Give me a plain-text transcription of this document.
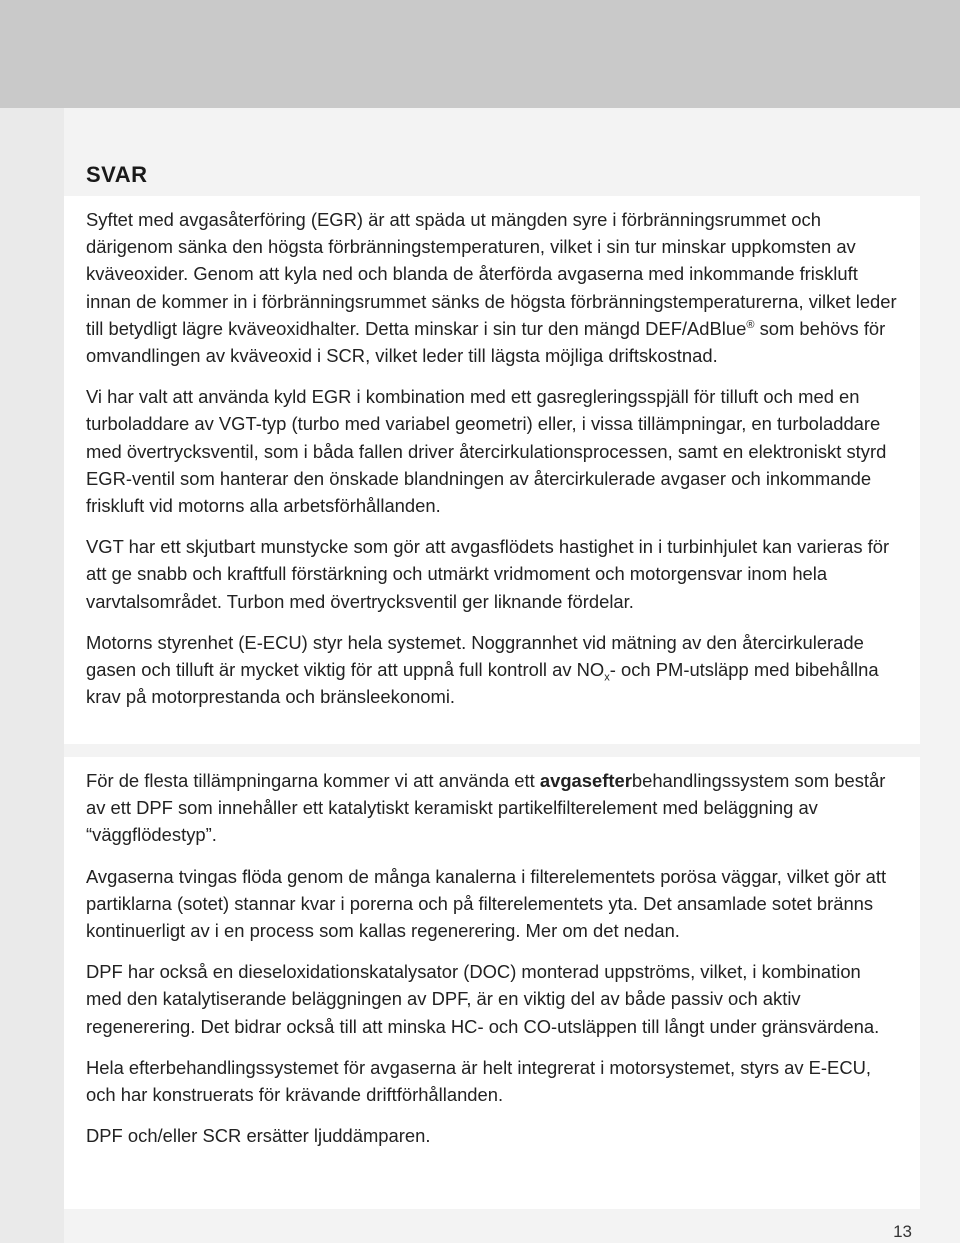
SVAR

Syftet med avgasåterföring (EGR) är att späda ut mängden syre i förbränningsrummet och därigenom sänka den högsta förbränningstemperaturen, vilket i sin tur minskar uppkomsten av kväveoxider. Genom att kyla ned och blanda de återförda avgaserna med inkommande friskluft innan de kommer in i förbränningsrummet sänks de högsta förbränningstemperaturerna, vilket leder till betydligt lägre kväveoxidhalter. Detta minskar i sin tur den mängd DEF/AdBlue® som behövs för omvandlingen av kväveoxid i SCR, vilket leder till lägsta möjliga driftskostnad.

Vi har valt att använda kyld EGR i kombination med ett gasregleringsspjäll för tilluft och med en turboladdare av VGT-typ (turbo med variabel geometri) eller, i vissa tillämpningar, en turboladdare med övertrycksventil, som i båda fallen driver återcirkulationsprocessen, samt en elektroniskt styrd EGR-ventil som hanterar den önskade blandningen av återcirkulerade avgaser och inkommande friskluft vid motorns alla arbetsförhållanden.

VGT har ett skjutbart munstycke som gör att avgasflödets hastighet in i turbinhjulet kan varieras för att ge snabb och kraftfull förstärkning och utmärkt vridmoment och motorgensvar inom hela varvtalsområdet. Turbon med övertrycksventil ger liknande fördelar.

Motorns styrenhet (E-ECU) styr hela systemet. Noggrannhet vid mätning av den återcirkulerade gasen och tilluft är mycket viktig för att uppnå full kontroll av $NO_x-$ och PM-utsläpp med bibehållna krav på motorprestanda och bränsleekonomi.

För de flesta tillämpningarna kommer vi att använda ett avgasefterbehandlingssystem som består av ett DPF som innehåller ett katalytiskt keramiskt partikelfilterelement med beläggning av “väggflödestyp”.

Avgaserna tvingas flöda genom de många kanalerna i filterelementets porösa väggar, vilket gör att partiklarna (sotet) stannar kvar i porerna och på filterelementets yta. Det ansamlade sotet bränns kontinuerligt av i en process som kallas regenerering. Mer om det nedan.

DPF har också en dieseloxidationskatalysator (DOC) monterad uppströms, vilket, i kombination med den katalytiserande beläggningen av DPF, är en viktig del av både passiv och aktiv regenerering. Det bidrar också till att minska HC- och CO-utsläppen till långt under gränsvärdena.

Hela efterbehandlingssystemet för avgaserna är helt integrerat i motorsystemet, styrs av E-ECU, och har konstruerats för krävande driftförhållanden.

DPF och/eller SCR ersätter ljuddämparen.

13
